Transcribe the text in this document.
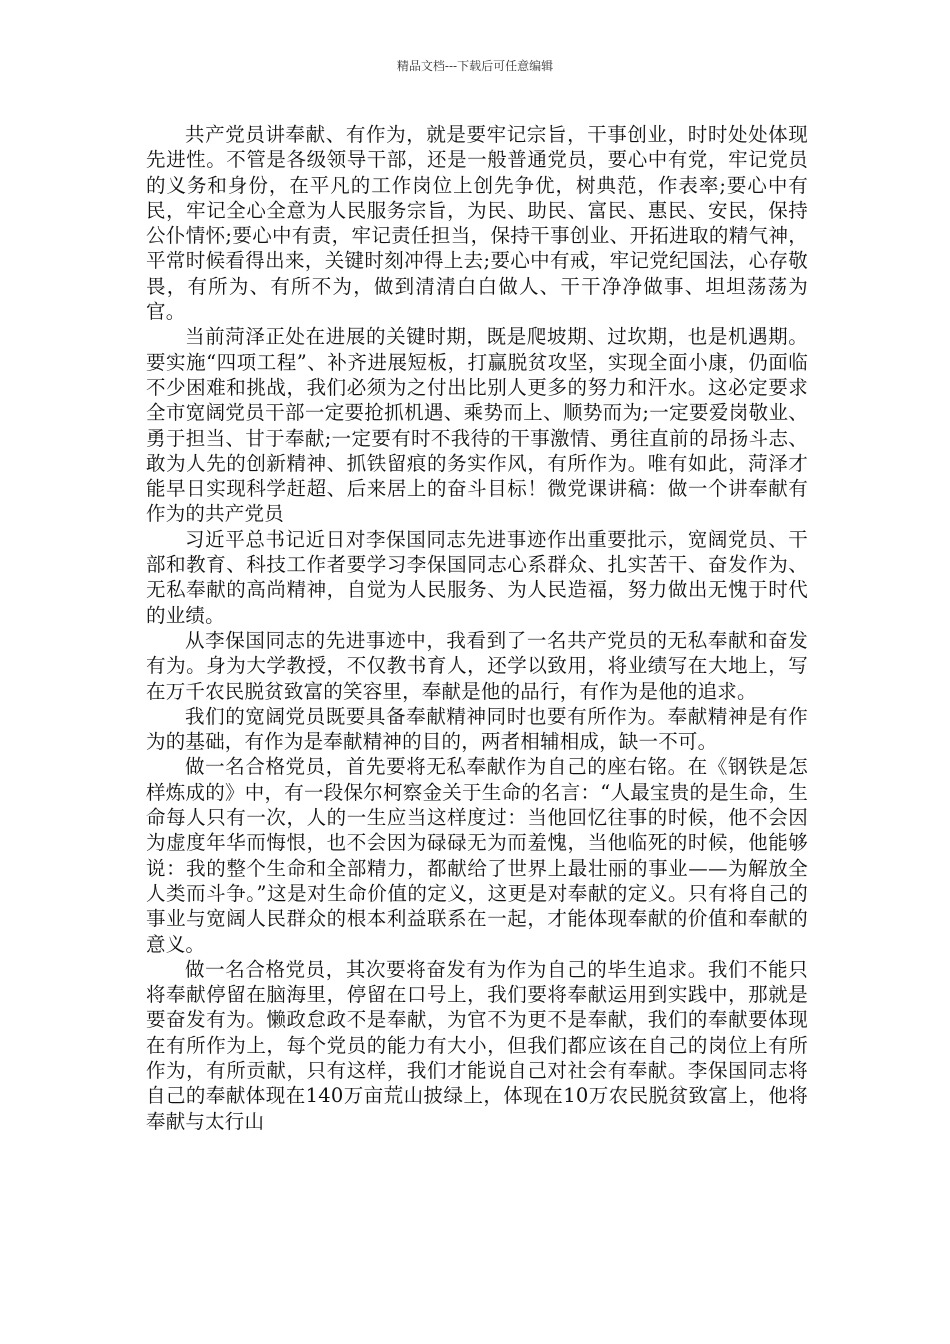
精品文档---下载后可任意编辑

共产党员讲奉献、有作为，就是要牢记宗旨，干事创业，时时处处体现先进性。不管是各级领导干部，还是一般普通党员，要心中有党，牢记党员的义务和身份，在平凡的工作岗位上创先争优，树典范，作表率;要心中有民，牢记全心全意为人民服务宗旨，为民、助民、富民、惠民、安民，保持公仆情怀;要心中有责，牢记责任担当，保持干事创业、开拓进取的精气神，平常时候看得出来，关键时刻冲得上去;要心中有戒，牢记党纪国法，心存敬畏，有所为、有所不为，做到清清白白做人、干干净净做事、坦坦荡荡为官。

当前菏泽正处在进展的关键时期，既是爬坡期、过坎期，也是机遇期。要实施“四项工程”、补齐进展短板，打赢脱贫攻坚，实现全面小康，仍面临不少困难和挑战，我们必须为之付出比别人更多的努力和汗水。这必定要求全市宽阔党员干部一定要抢抓机遇、乘势而上、顺势而为;一定要爱岗敬业、勇于担当、甘于奉献;一定要有时不我待的干事激情、勇往直前的昂扬斗志、敢为人先的创新精神、抓铁留痕的务实作风，有所作为。唯有如此，菏泽才能早日实现科学赶超、后来居上的奋斗目标！微党课讲稿：做一个讲奉献有作为的共产党员

习近平总书记近日对李保国同志先进事迹作出重要批示，宽阔党员、干部和教育、科技工作者要学习李保国同志心系群众、扎实苦干、奋发作为、无私奉献的高尚精神，自觉为人民服务、为人民造福，努力做出无愧于时代的业绩。

从李保国同志的先进事迹中，我看到了一名共产党员的无私奉献和奋发有为。身为大学教授，不仅教书育人，还学以致用，将业绩写在大地上，写在万千农民脱贫致富的笑容里，奉献是他的品行，有作为是他的追求。

我们的宽阔党员既要具备奉献精神同时也要有所作为。奉献精神是有作为的基础，有作为是奉献精神的目的，两者相辅相成，缺一不可。

做一名合格党员，首先要将无私奉献作为自己的座右铭。在《钢铁是怎样炼成的》中，有一段保尔柯察金关于生命的名言：“人最宝贵的是生命，生命每人只有一次，人的一生应当这样度过：当他回忆往事的时候，他不会因为虚度年华而悔恨，也不会因为碌碌无为而羞愧，当他临死的时候，他能够说：我的整个生命和全部精力，都献给了世界上最壮丽的事业——为解放全人类而斗争。”这是对生命价值的定义，这更是对奉献的定义。只有将自己的事业与宽阔人民群众的根本利益联系在一起，才能体现奉献的价值和奉献的意义。

做一名合格党员，其次要将奋发有为作为自己的毕生追求。我们不能只将奉献停留在脑海里，停留在口号上，我们要将奉献运用到实践中，那就是要奋发有为。懒政怠政不是奉献，为官不为更不是奉献，我们的奉献要体现在有所作为上，每个党员的能力有大小，但我们都应该在自己的岗位上有所作为，有所贡献，只有这样，我们才能说自己对社会有奉献。李保国同志将自己的奉献体现在140万亩荒山披绿上，体现在10万农民脱贫致富上，他将奉献与太行山
